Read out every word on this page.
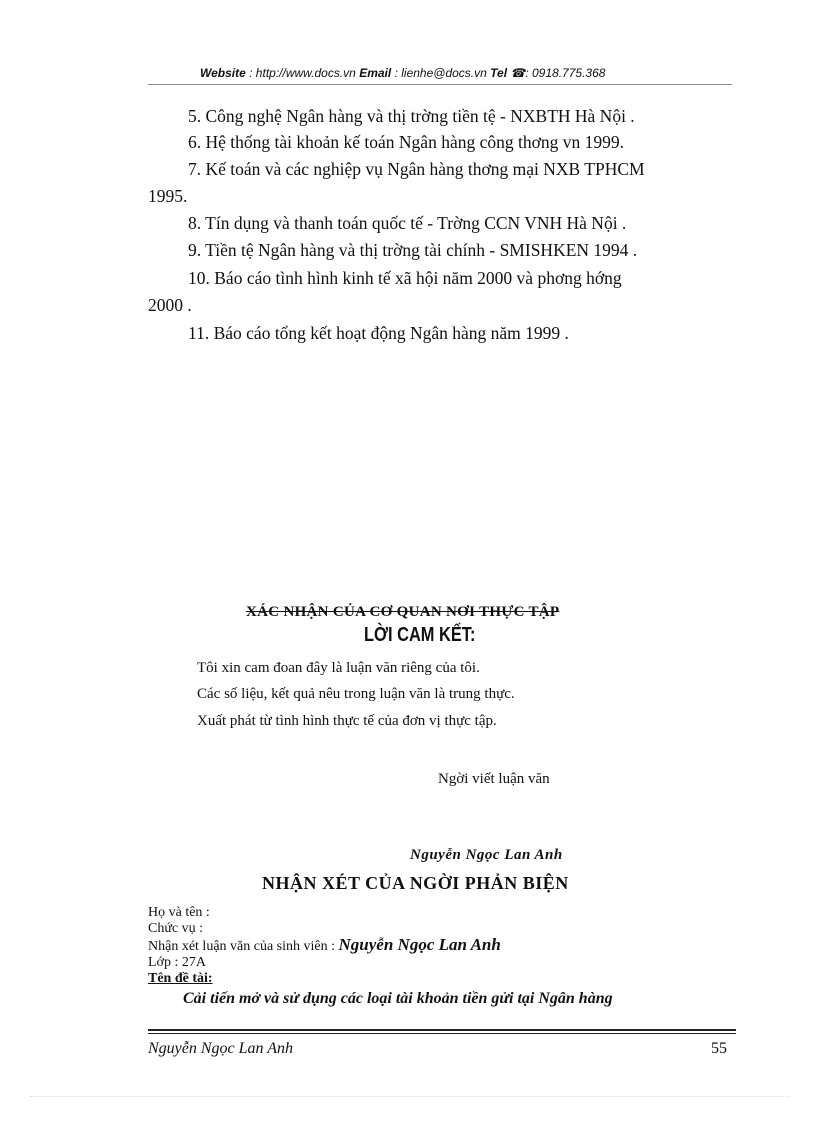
Website : http://www.docs.vn Email : lienhe@docs.vn Tel ☎: 0918.775.368
5. Công nghệ Ngân hàng và thị trờng tiền tệ - NXBTH Hà Nội .
6. Hệ thống tài khoản kế toán Ngân hàng công thơng vn 1999.
7. Kế toán và các nghiệp vụ Ngân hàng thơng mại NXB TPHCM
1995.
8. Tín dụng và thanh toán quốc tế - Trờng CCN VNH Hà Nội .
9. Tiền tệ Ngân hàng và thị trờng tài chính - SMISHKEN 1994 .
10. Báo cáo tình hình kinh tế xã hội năm 2000 và phơng hớng
2000 .
11. Báo cáo tổng kết hoạt động Ngân hàng năm 1999 .
XÁC NHẬN CỦA CƠ QUAN NƠI THỰC TẬP
LỜI CAM KẾT:
Tôi xin cam đoan đây là luận văn riêng của tôi.
Các số liệu, kết quả nêu trong luận văn là trung thực.
Xuất phát từ tình hình thực tế của đơn vị thực tập.
Ngời viết luận văn
Nguyễn Ngọc Lan Anh
NHẬN XÉT CỦA NGỜI PHẢN BIỆN
Họ và tên :
Chức vụ :
Nhận xét luận văn của sinh viên : Nguyễn Ngọc Lan Anh
Lớp : 27A
Tên đề tài:
Cải tiến mở và sử dụng các loại tài khoản tiền gửi tại Ngân hàng
Nguyễn Ngọc Lan Anh	55
